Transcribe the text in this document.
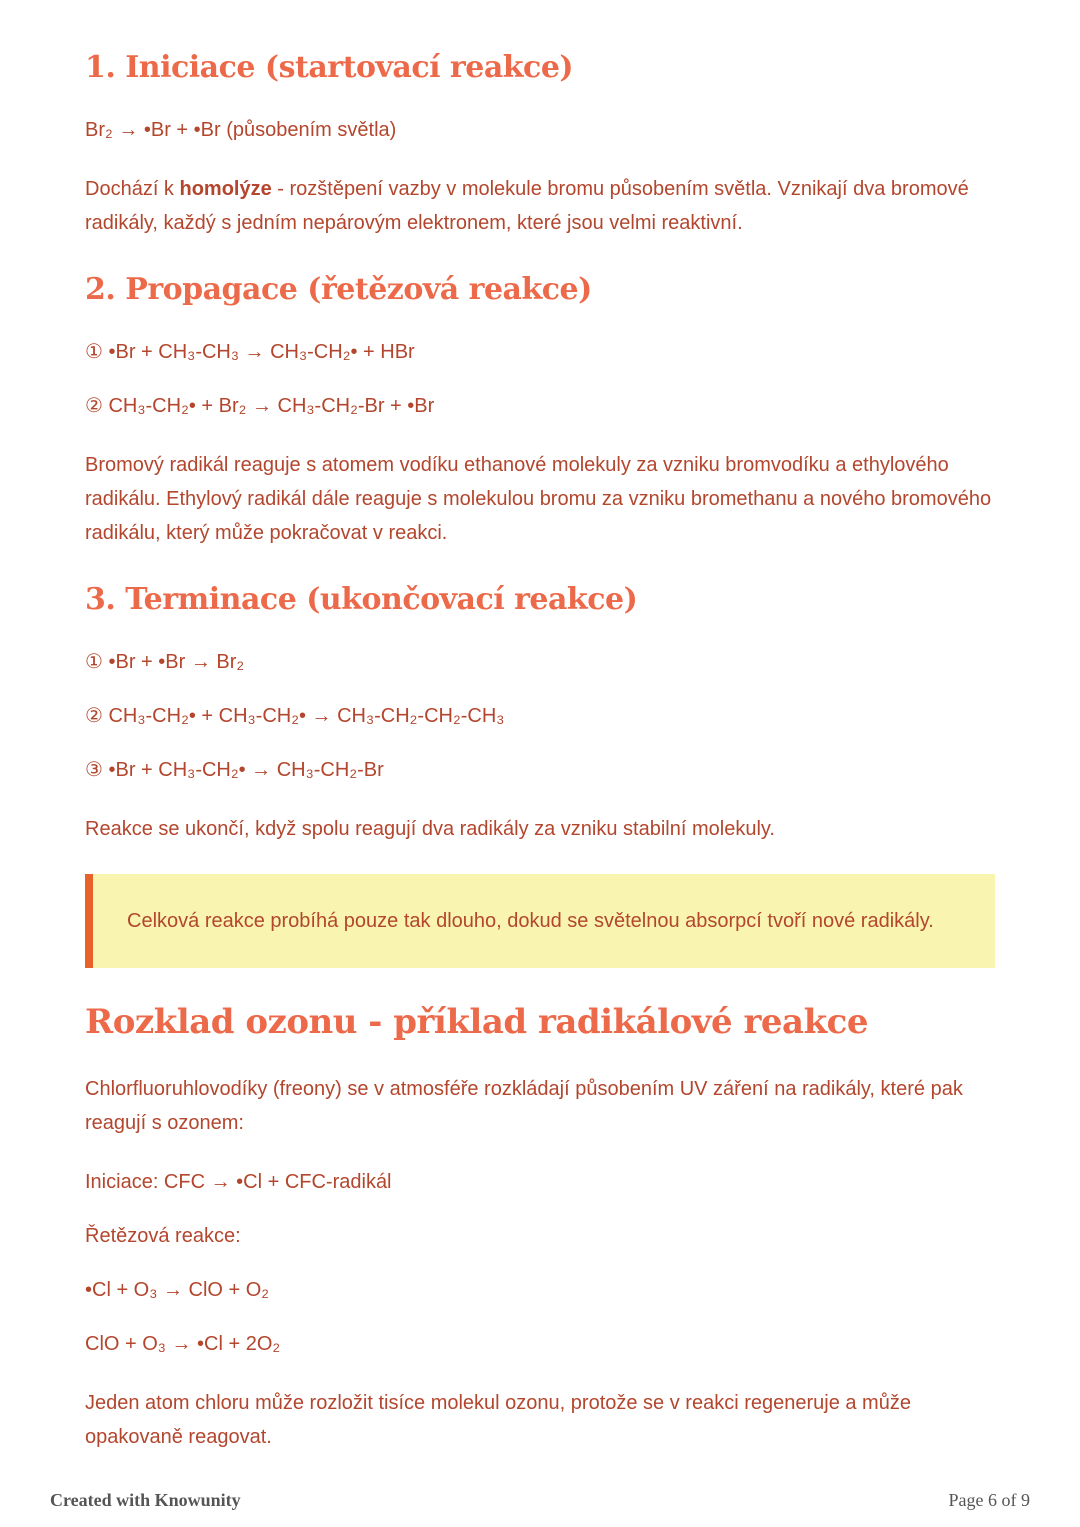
1. Iniciace (startovací reakce)

Br₂ → •Br + •Br (působením světla)

Dochází k homolýze - rozštěpení vazby v molekule bromu působením světla. Vznikají dva bromové radikály, každý s jedním nepárovým elektronem, které jsou velmi reaktivní.

2. Propagace (řetězová reakce)

① •Br + CH₃-CH₃ → CH₃-CH₂• + HBr

② CH₃-CH₂• + Br₂ → CH₃-CH₂-Br + •Br

Bromový radikál reaguje s atomem vodíku ethanové molekuly za vzniku bromvodíku a ethylového radikálu. Ethylový radikál dále reaguje s molekulou bromu za vzniku bromethanu a nového bromového radikálu, který může pokračovat v reakci.

3. Terminace (ukončovací reakce)

① •Br + •Br → Br₂

② CH₃-CH₂• + CH₃-CH₂• → CH₃-CH₂-CH₂-CH₃

③ •Br + CH₃-CH₂• → CH₃-CH₂-Br

Reakce se ukončí, když spolu reagují dva radikály za vzniku stabilní molekuly.

Celková reakce probíhá pouze tak dlouho, dokud se světelnou absorpcí tvoří nové radikály.

Rozklad ozonu - příklad radikálové reakce

Chlorfluoruhlovodíky (freony) se v atmosféře rozkládají působením UV záření na radikály, které pak reagují s ozonem:

Iniciace: CFC → •Cl + CFC-radikál

Řetězová reakce:

•Cl + O₃ → ClO + O₂

ClO + O₃ → •Cl + 2O₂

Jeden atom chloru může rozložit tisíce molekul ozonu, protože se v reakci regeneruje a může opakovaně reagovat.

Created with Knowunity	Page 6 of 9
